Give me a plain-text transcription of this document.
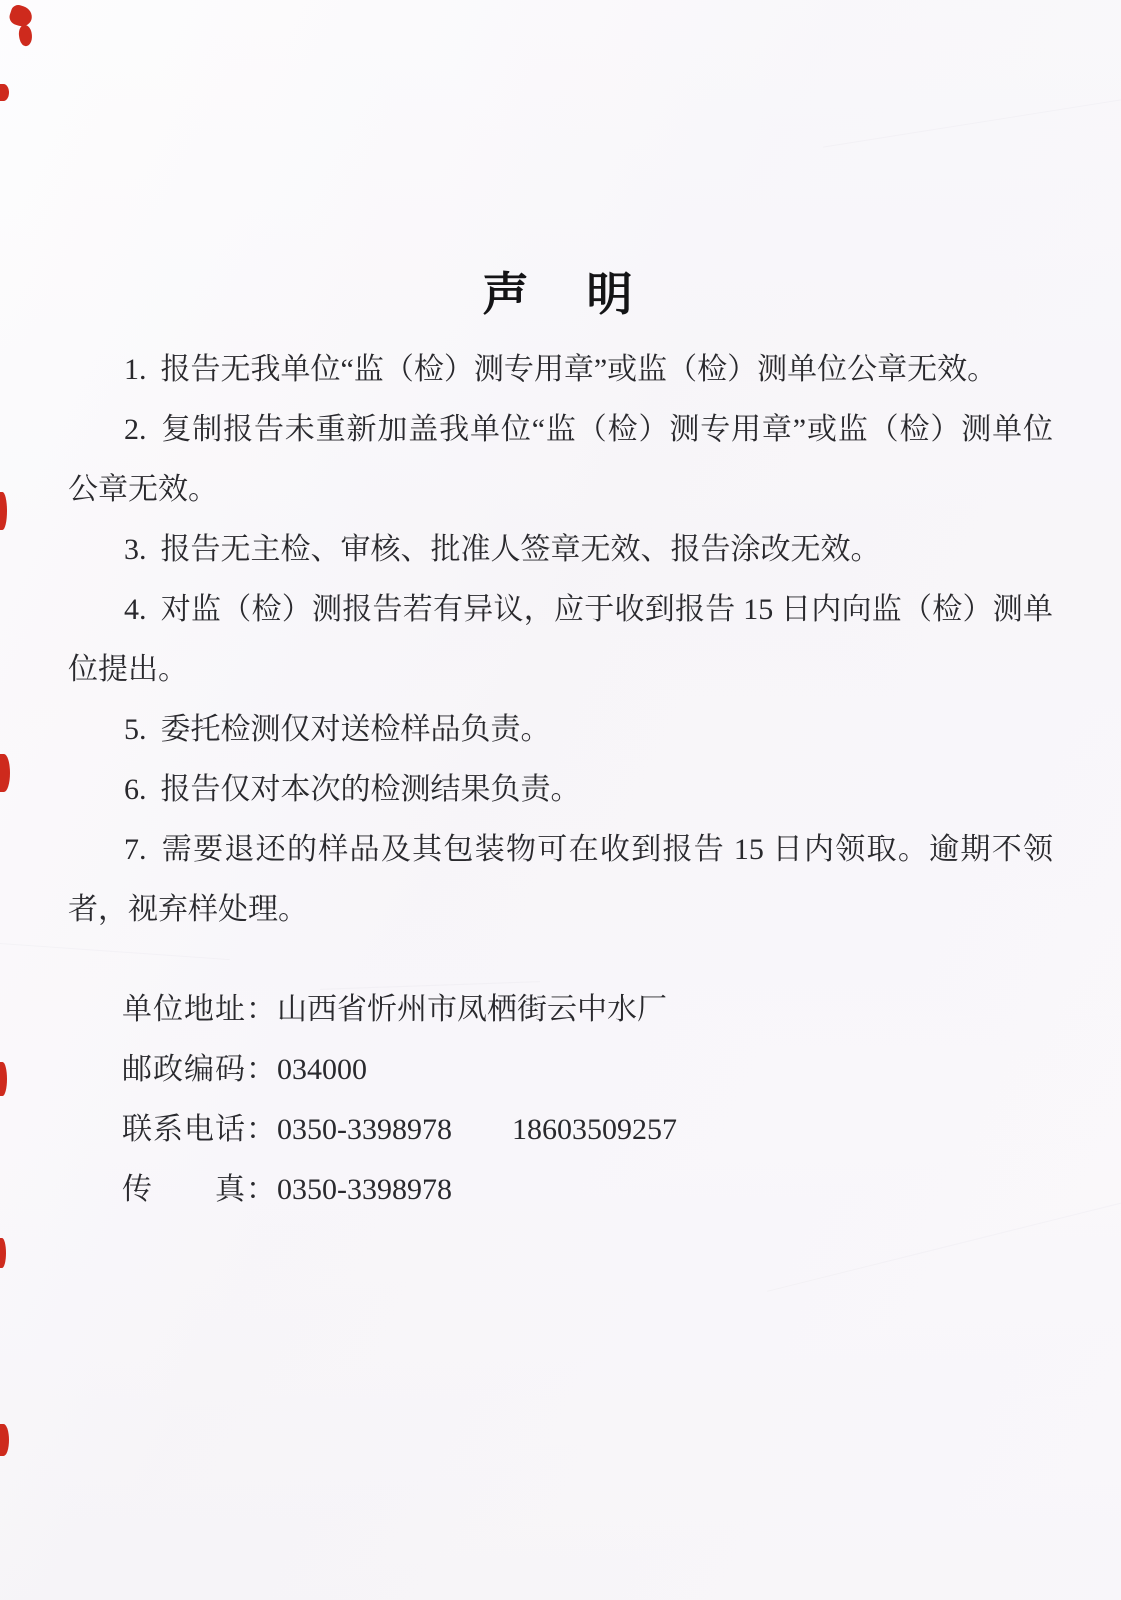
声　明

1. 报告无我单位“监（检）测专用章”或监（检）测单位公章无效。

2. 复制报告未重新加盖我单位“监（检）测专用章”或监（检）测单位公章无效。

3. 报告无主检、审核、批准人签章无效、报告涂改无效。

4. 对监（检）测报告若有异议，应于收到报告 15 日内向监（检）测单位提出。

5. 委托检测仅对送检样品负责。

6. 报告仅对本次的检测结果负责。

7. 需要退还的样品及其包装物可在收到报告 15 日内领取。逾期不领者，视弃样处理。

单位地址：山西省忻州市凤栖街云中水厂
邮政编码：034000
联系电话：0350-3398978　　18603509257
传　　真：0350-3398978
